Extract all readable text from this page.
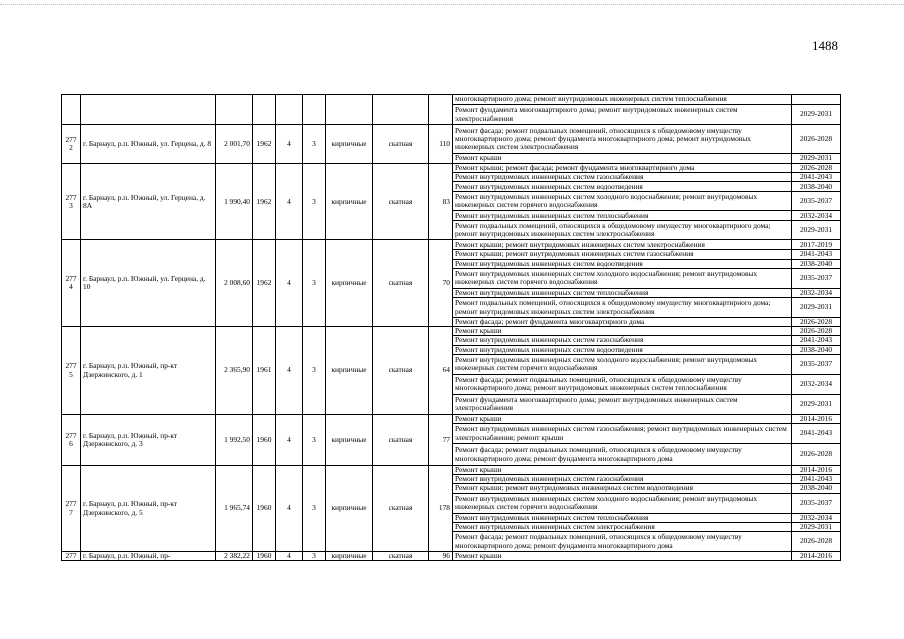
1488
									многоквартирного дома; ремонт внутридомовых инженерных систем теплоснабжения	
									Ремонт фундамента многоквартирного дома; ремонт внутридомовых инженерных систем электроснабжения	2029-2031
277 2	г. Барнаул, р.п. Южный, ул. Герцена, д. 8	2 001,70	1962	4	3	кирпичные	скатная	110	Ремонт фасада; ремонт подвальных помещений, относящихся к общедомовому имуществу многоквартирного дома; ремонт фундамента многоквартирного дома; ремонт внутридомовых инженерных систем электроснабжения	2026-2028
									Ремонт крыши	2029-2031
277 3	г. Барнаул, р.п. Южный, ул. Герцена, д. 8А	1 990,40	1962	4	3	кирпичные	скатная	83	Ремонт крыши; ремонт фасада; ремонт фундамента многоквартирного дома	2026-2028
									Ремонт внутридомовых инженерных систем газоснабжения	2041-2043
									Ремонт внутридомовых инженерных систем водоотведения	2038-2040
									Ремонт внутридомовых инженерных систем холодного водоснабжения; ремонт внутридомовых инженерных систем горячего водоснабжения	2035-2037
									Ремонт внутридомовых инженерных систем теплоснабжения	2032-2034
									Ремонт подвальных помещений, относящихся к общедомовому имуществу многоквартирного дома; ремонт внутридомовых инженерных систем электроснабжения	2029-2031
277 4	г. Барнаул, р.п. Южный, ул. Герцена, д. 10	2 008,60	1962	4	3	кирпичные	скатная	70	Ремонт крыши; ремонт внутридомовых инженерных систем электроснабжения	2017-2019
									Ремонт крыши; ремонт внутридомовых инженерных систем газоснабжения	2041-2043
									Ремонт внутридомовых инженерных систем водоотведения	2038-2040
									Ремонт внутридомовых инженерных систем холодного водоснабжения; ремонт внутридомовых инженерных систем горячего водоснабжения	2035-2037
									Ремонт внутридомовых инженерных систем теплоснабжения	2032-2034
									Ремонт подвальных помещений, относящихся к общедомовому имуществу многоквартирного дома; ремонт внутридомовых инженерных систем электроснабжения	2029-2031
									Ремонт фасада; ремонт фундамента многоквартирного дома	2026-2028
277 5	г. Барнаул, р.п. Южный, пр-кт Дзержинского, д. 1	2 365,90	1961	4	3	кирпичные	скатная	64	Ремонт крыши	2026-2028
									Ремонт внутридомовых инженерных систем газоснабжения	2041-2043
									Ремонт внутридомовых инженерных систем водоотведения	2038-2040
									Ремонт внутридомовых инженерных систем холодного водоснабжения; ремонт внутридомовых инженерных систем горячего водоснабжения	2035-2037
									Ремонт фасада; ремонт подвальных помещений, относящихся к общедомовому имуществу многоквартирного дома; ремонт внутридомовых инженерных систем теплоснабжения	2032-2034
									Ремонт фундамента многоквартирного дома; ремонт внутридомовых инженерных систем электроснабжения	2029-2031
277 6	г. Барнаул, р.п. Южный, пр-кт Дзержинского, д. 3	1 992,50	1960	4	3	кирпичные	скатная	77	Ремонт крыши	2014-2016
									Ремонт внутридомовых инженерных систем газоснабжения; ремонт внутридомовых инженерных систем электроснабжения; ремонт крыши	2041-2043
									Ремонт фасада; ремонт подвальных помещений, относящихся к общедомовому имуществу многоквартирного дома; ремонт фундамента многоквартирного дома	2026-2028
277 7	г. Барнаул, р.п. Южный, пр-кт Дзержинского, д. 5	1 965,74	1960	4	3	кирпичные	скатная	178	Ремонт крыши	2014-2016
									Ремонт внутридомовых инженерных систем газоснабжения	2041-2043
									Ремонт крыши; ремонт внутридомовых инженерных систем водоотведения	2038-2040
									Ремонт внутридомовых инженерных систем холодного водоснабжения; ремонт внутридомовых инженерных систем горячего водоснабжения	2035-2037
									Ремонт внутридомовых инженерных систем теплоснабжения	2032-2034
									Ремонт внутридомовых инженерных систем электроснабжения	2029-2031
									Ремонт фасада; ремонт подвальных помещений, относящихся к общедомовому имуществу многоквартирного дома; ремонт фундамента многоквартирного дома	2026-2028
277	г. Барнаул, р.п. Южный, пр-	2 382,22	1960	4	3	кирпичные	скатная	96	Ремонт крыши	2014-2016
